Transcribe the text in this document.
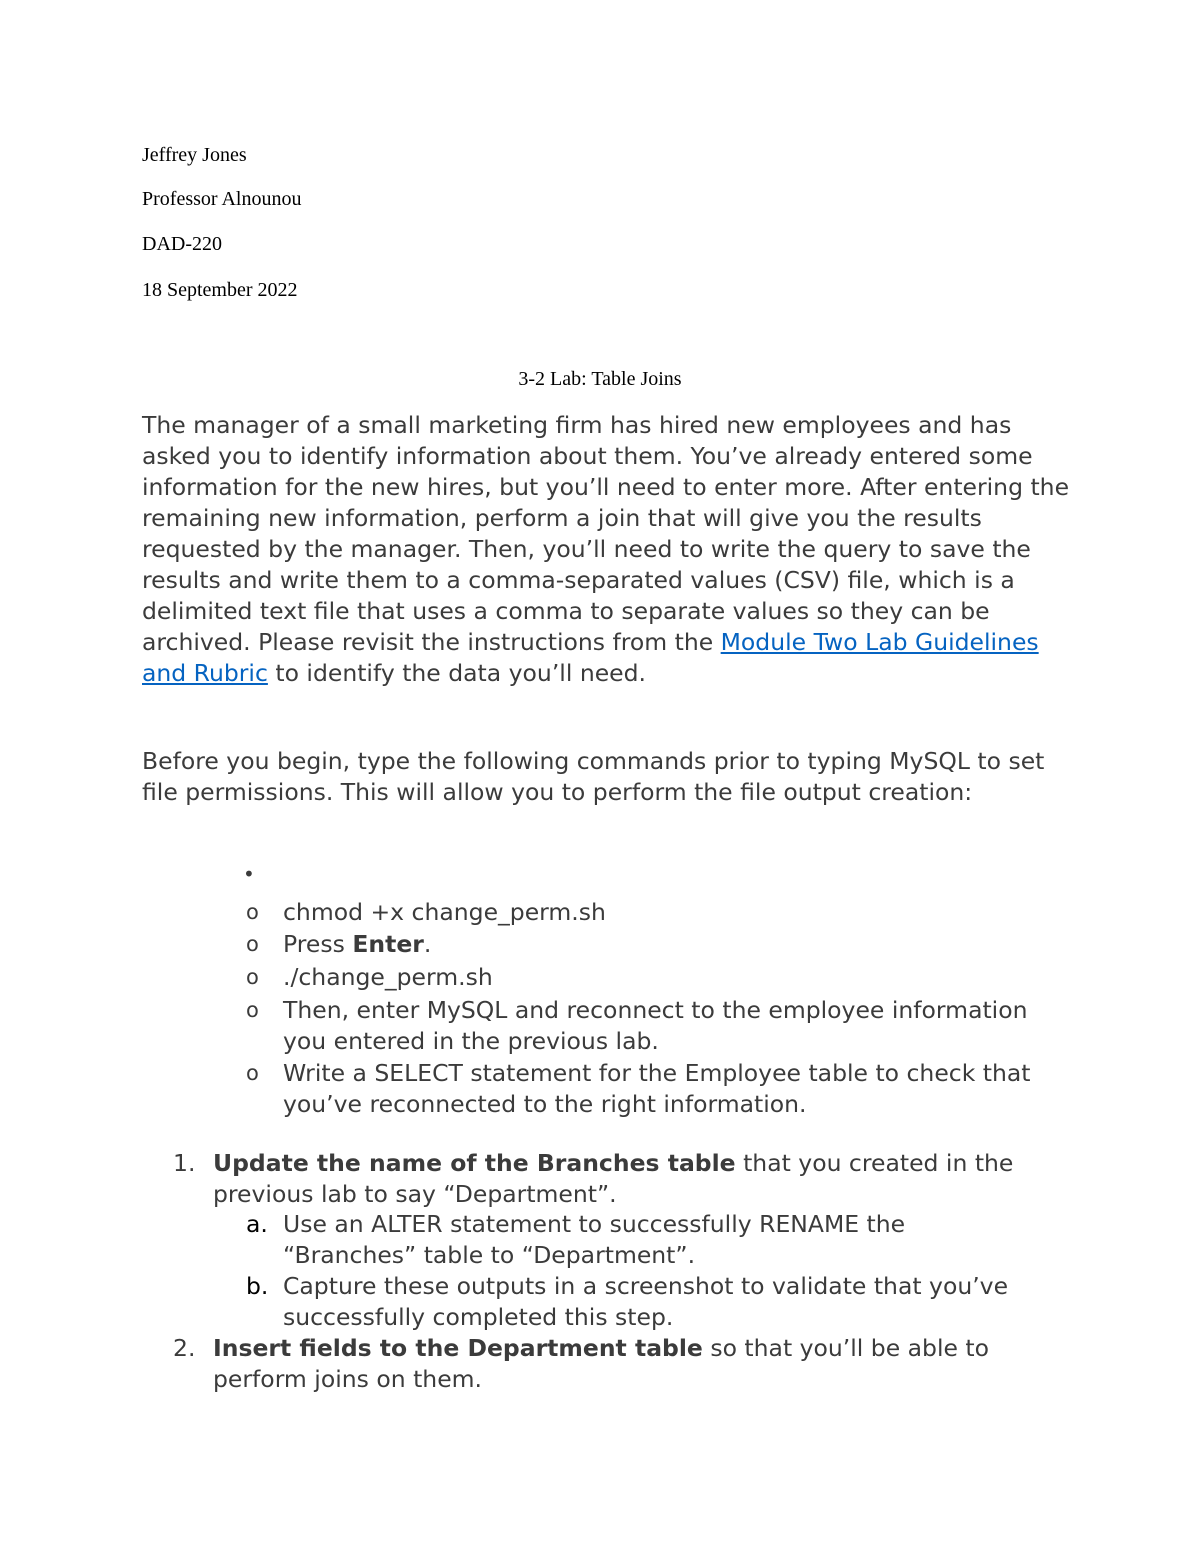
Jeffrey Jones
Professor Alnounou
DAD-220
18 September 2022
3-2 Lab: Table Joins

The manager of a small marketing firm has hired new employees and has asked you to identify information about them. You’ve already entered some information for the new hires, but you’ll need to enter more. After entering the remaining new information, perform a join that will give you the results requested by the manager. Then, you’ll need to write the query to save the results and write them to a comma-separated values (CSV) file, which is a delimited text file that uses a comma to separate values so they can be archived. Please revisit the instructions from the Module Two Lab Guidelines and Rubric to identify the data you’ll need.

Before you begin, type the following commands prior to typing MySQL to set file permissions. This will allow you to perform the file output creation:

•
o chmod +x change_perm.sh
o Press Enter.
o ./change_perm.sh
o Then, enter MySQL and reconnect to the employee information you entered in the previous lab.
o Write a SELECT statement for the Employee table to check that you’ve reconnected to the right information.
1. Update the name of the Branches table that you created in the previous lab to say “Department”.
a. Use an ALTER statement to successfully RENAME the “Branches” table to “Department”.
b. Capture these outputs in a screenshot to validate that you’ve successfully completed this step.
2. Insert fields to the Department table so that you’ll be able to perform joins on them.
